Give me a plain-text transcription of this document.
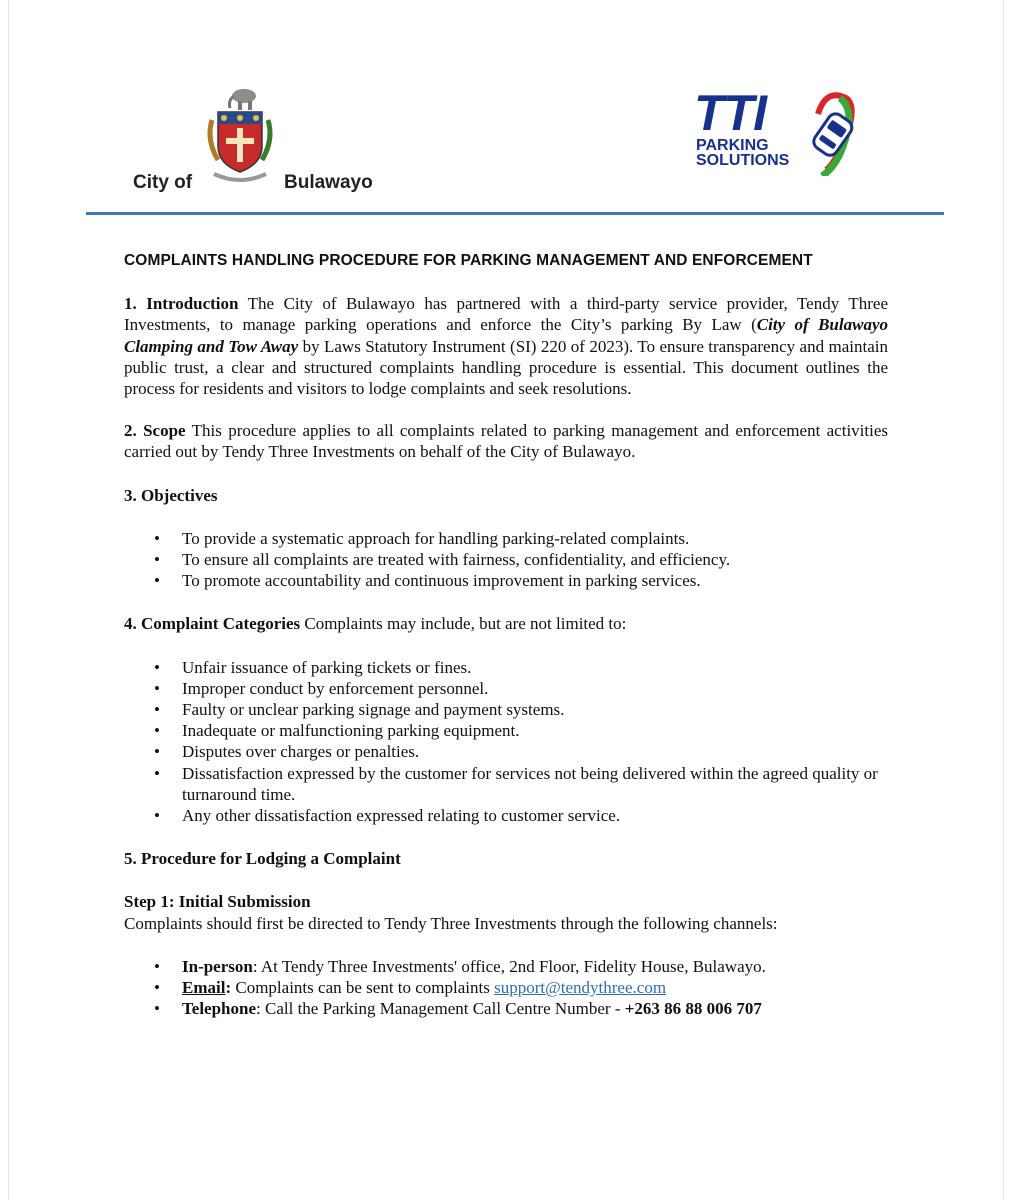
City of	Bulawayo
TTI
PARKING
SOLUTIONS

COMPLAINTS HANDLING PROCEDURE FOR PARKING MANAGEMENT AND ENFORCEMENT

1. Introduction The City of Bulawayo has partnered with a third-party service provider, Tendy Three Investments, to manage parking operations and enforce the City’s parking By Law (City of Bulawayo Clamping and Tow Away by Laws Statutory Instrument (SI) 220 of 2023). To ensure transparency and maintain public trust, a clear and structured complaints handling procedure is essential. This document outlines the process for residents and visitors to lodge complaints and seek resolutions.

2. Scope This procedure applies to all complaints related to parking management and enforcement activities carried out by Tendy Three Investments on behalf of the City of Bulawayo.

3. Objectives

• To provide a systematic approach for handling parking-related complaints.
• To ensure all complaints are treated with fairness, confidentiality, and efficiency.
• To promote accountability and continuous improvement in parking services.

4. Complaint Categories Complaints may include, but are not limited to:

• Unfair issuance of parking tickets or fines.
• Improper conduct by enforcement personnel.
• Faulty or unclear parking signage and payment systems.
• Inadequate or malfunctioning parking equipment.
• Disputes over charges or penalties.
• Dissatisfaction expressed by the customer for services not being delivered within the agreed quality or turnaround time.
• Any other dissatisfaction expressed relating to customer service.

5. Procedure for Lodging a Complaint

Step 1: Initial Submission

Complaints should first be directed to Tendy Three Investments through the following channels:

• In-person: At Tendy Three Investments' office, 2nd Floor, Fidelity House, Bulawayo.
• Email: Complaints can be sent to complaints support@tendythree.com
• Telephone: Call the Parking Management Call Centre Number - +263 86 88 006 707
